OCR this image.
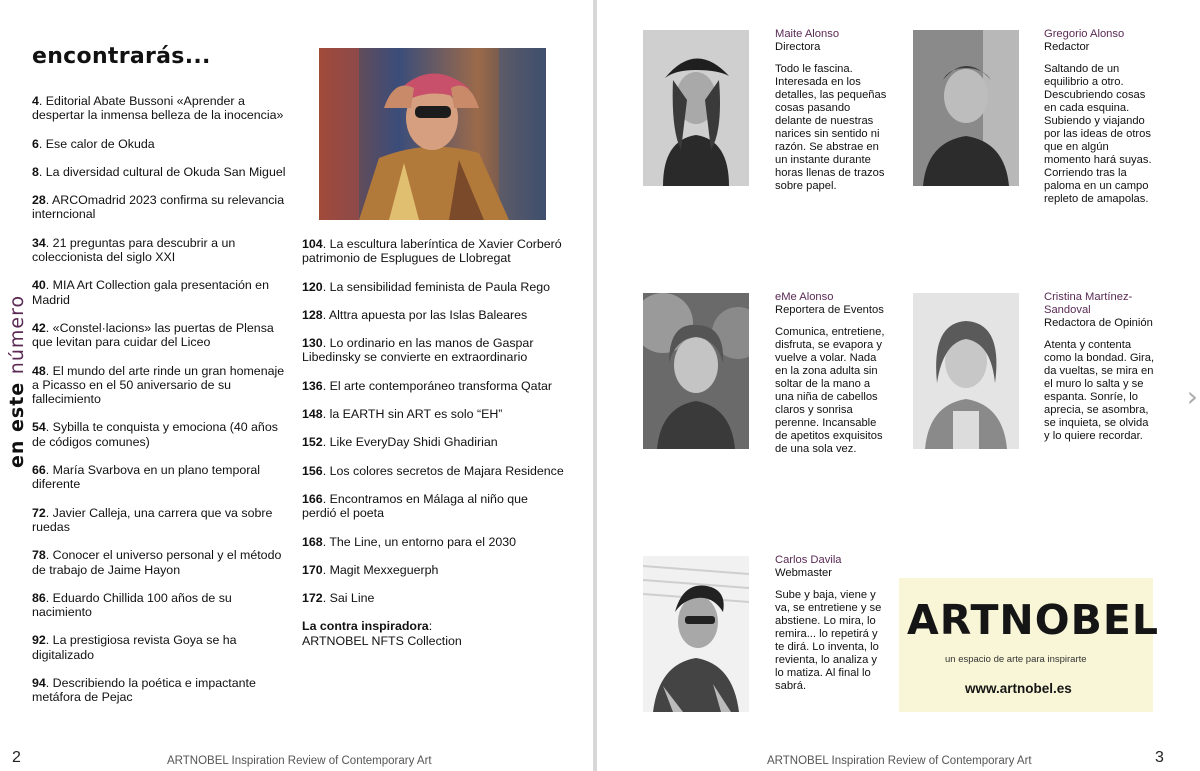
en este número
encontrarás...
4. Editorial Abate Bussoni «Aprender a despertar la inmensa belleza de la inocencia»
6. Ese calor de Okuda
8. La diversidad cultural de Okuda San Miguel
28. ARCOmadrid 2023 confirma su relevancia interncional
34. 21 preguntas para descubrir a un coleccionista del siglo XXI
40. MIA Art Collection gala presentación en Madrid
42. «Constel·lacions» las puertas de Plensa que levitan para cuidar del Liceo
48. El mundo del arte rinde un gran homenaje a Picasso en el 50 aniversario de su fallecimiento
54. Sybilla te conquista y emociona (40 años de códigos comunes)
66. María Svarbova en un plano temporal diferente
72. Javier Calleja, una carrera que va sobre ruedas
78. Conocer el universo personal y el método de trabajo de Jaime Hayon
86. Eduardo Chillida 100 años de su nacimiento
92. La prestigiosa revista Goya se ha digitalizado
94. Describiendo la poética e impactante metáfora de Pejac
104. La escultura laberíntica de Xavier Corberó patrimonio de Esplugues de Llobregat
120. La sensibilidad feminista de Paula Rego
128. Alttra apuesta por las Islas Baleares
130. Lo ordinario en las manos de Gaspar Libedinsky se convierte en extraordinario
136. El arte contemporáneo transforma Qatar
148. la EARTH sin ART es solo “EH”
152. Like EveryDay Shidi Ghadirian
156. Los colores secretos de Majara Residence
166. Encontramos en Málaga al niño que perdió el poeta
168. The Line, un entorno para el 2030
170. Magit Mexxeguerph
172. Sai Line
La contra inspiradora:
ARTNOBEL NFTS Collection
2	ARTNOBEL Inspiration Review of Contemporary Art
Maite Alonso
Directora
Todo le fascina. Interesada en los detalles, las pequeñas cosas pasando delante de nuestras narices sin sentido ni razón. Se abstrae en un instante durante horas llenas de trazos sobre papel.
Gregorio Alonso
Redactor
Saltando de un equilibrio a otro. Descubriendo cosas en cada esquina. Subiendo y viajando por las ideas de otros que en algún momento hará suyas. Corriendo tras la paloma en un campo repleto de amapolas.
eMe Alonso
Reportera de Eventos
Comunica, entretiene, disfruta, se evapora y vuelve a volar. Nada en la zona adulta sin soltar de la mano a una niña de cabellos claros y sonrisa perenne. Incansable de apetitos exquisitos de una sola vez.
Cristina Martínez-Sandoval
Redactora de Opinión
Atenta y contenta como la bondad. Gira, da vueltas, se mira en el muro lo salta y se espanta. Sonríe, lo aprecia, se asombra, se inquieta, se olvida y lo quiere recordar.
Carlos Davila
Webmaster
Sube y baja, viene y va, se entretiene y se abstiene. Lo mira, lo remira... lo repetirá y te dirá. Lo inventa, lo revienta, lo analiza y lo matiza. Al final lo sabrá.
ARTNOBEL
un espacio de arte para inspirarte
www.artnobel.es
›
ARTNOBEL Inspiration Review of Contemporary Art	3
